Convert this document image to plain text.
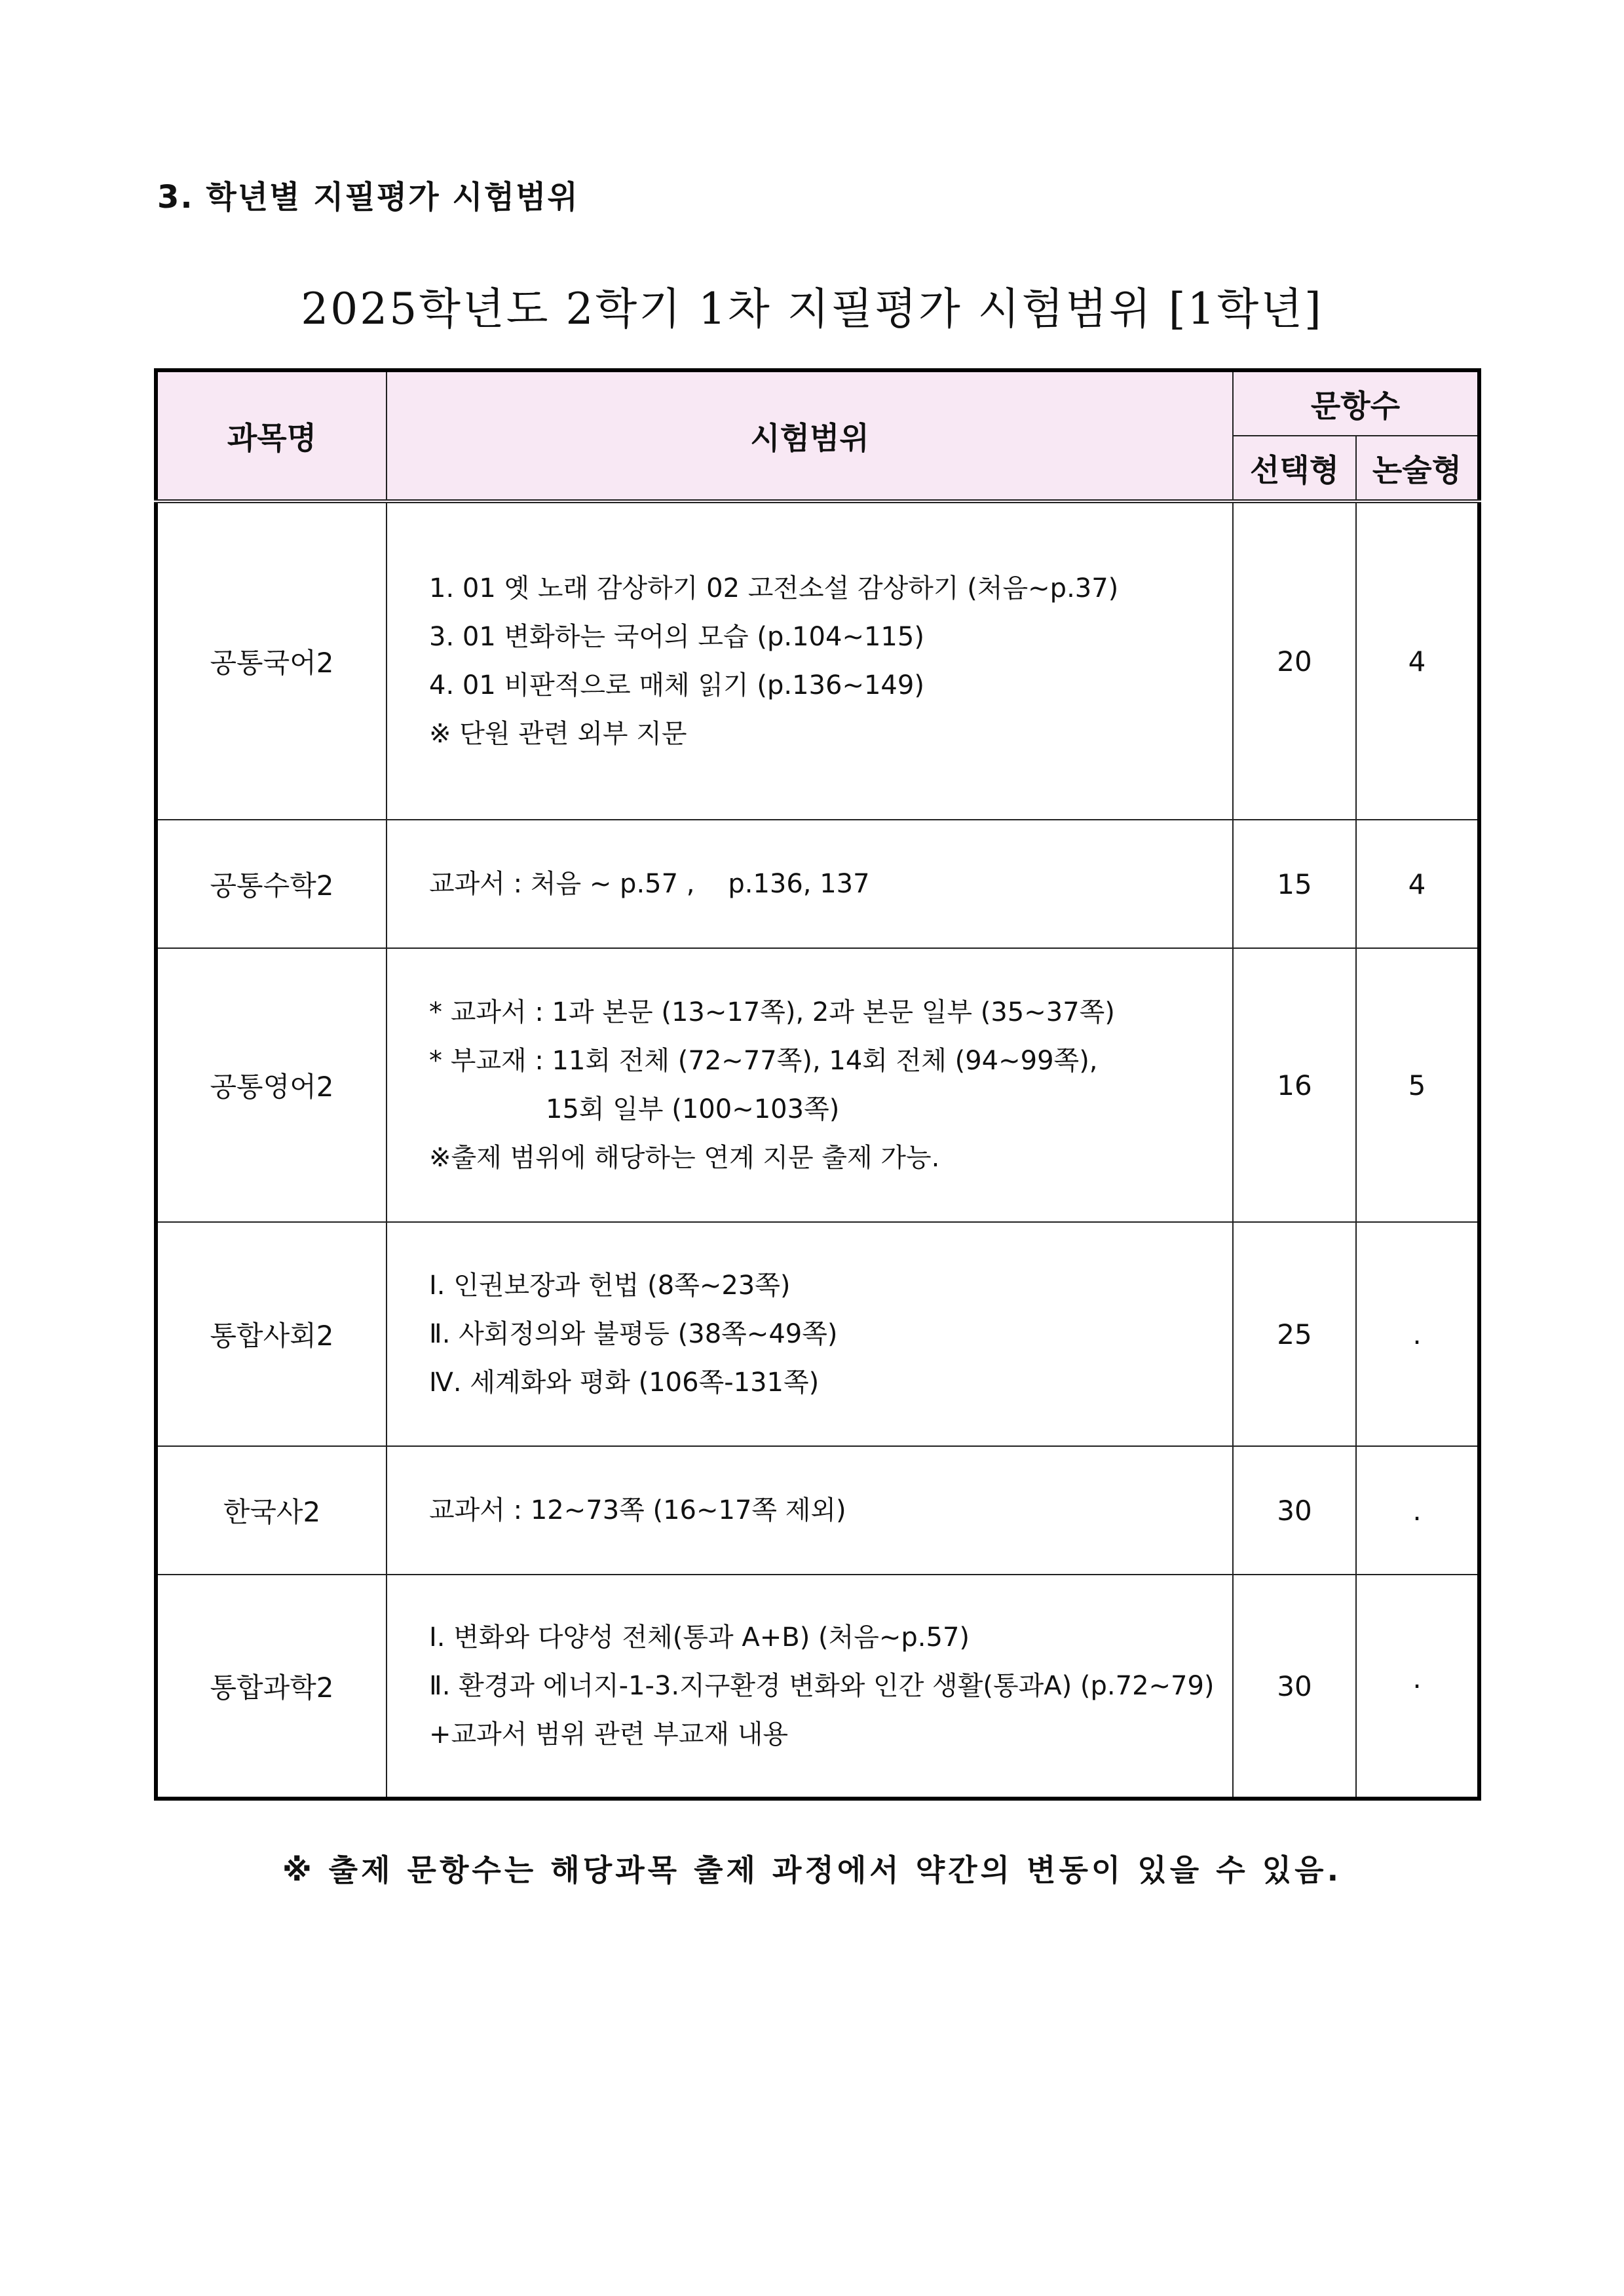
3. 학년별 지필평가 시험범위
2025학년도 2학기 1차 지필평가 시험범위 [1학년]
과목명	시험범위	문항수	
		선택형	논술형
공통국어2	1. 01 옛 노래 감상하기 02 고전소설 감상하기 (처음~p.37)
3. 01 변화하는 국어의 모습 (p.104~115)
4. 01 비판적으로 매체 읽기 (p.136~149)
※ 단원 관련 외부 지문	20	4
공통수학2	교과서 : 처음 ~ p.57 ,    p.136, 137	15	4
공통영어2	* 교과서 : 1과 본문 (13~17쪽), 2과 본문 일부 (35~37쪽)
* 부교재 : 11회 전체 (72~77쪽), 14회 전체 (94~99쪽),
15회 일부 (100~103쪽)
※출제 범위에 해당하는 연계 지문 출제 가능.	16	5
통합사회2	Ⅰ. 인권보장과 헌법 (8쪽~23쪽)
Ⅱ. 사회정의와 불평등 (38쪽~49쪽)
Ⅳ. 세계화와 평화 (106쪽-131쪽)	25	.
한국사2	교과서 : 12~73쪽 (16~17쪽 제외)	30	.
통합과학2	Ⅰ. 변화와 다양성 전체(통과 A+B) (처음~p.57)
Ⅱ. 환경과 에너지-1-3.지구환경 변화와 인간 생활(통과A) (p.72~79)
+교과서 범위 관련 부교재 내용	30	·
※ 출제 문항수는 해당과목 출제 과정에서 약간의 변동이 있을 수 있음.
